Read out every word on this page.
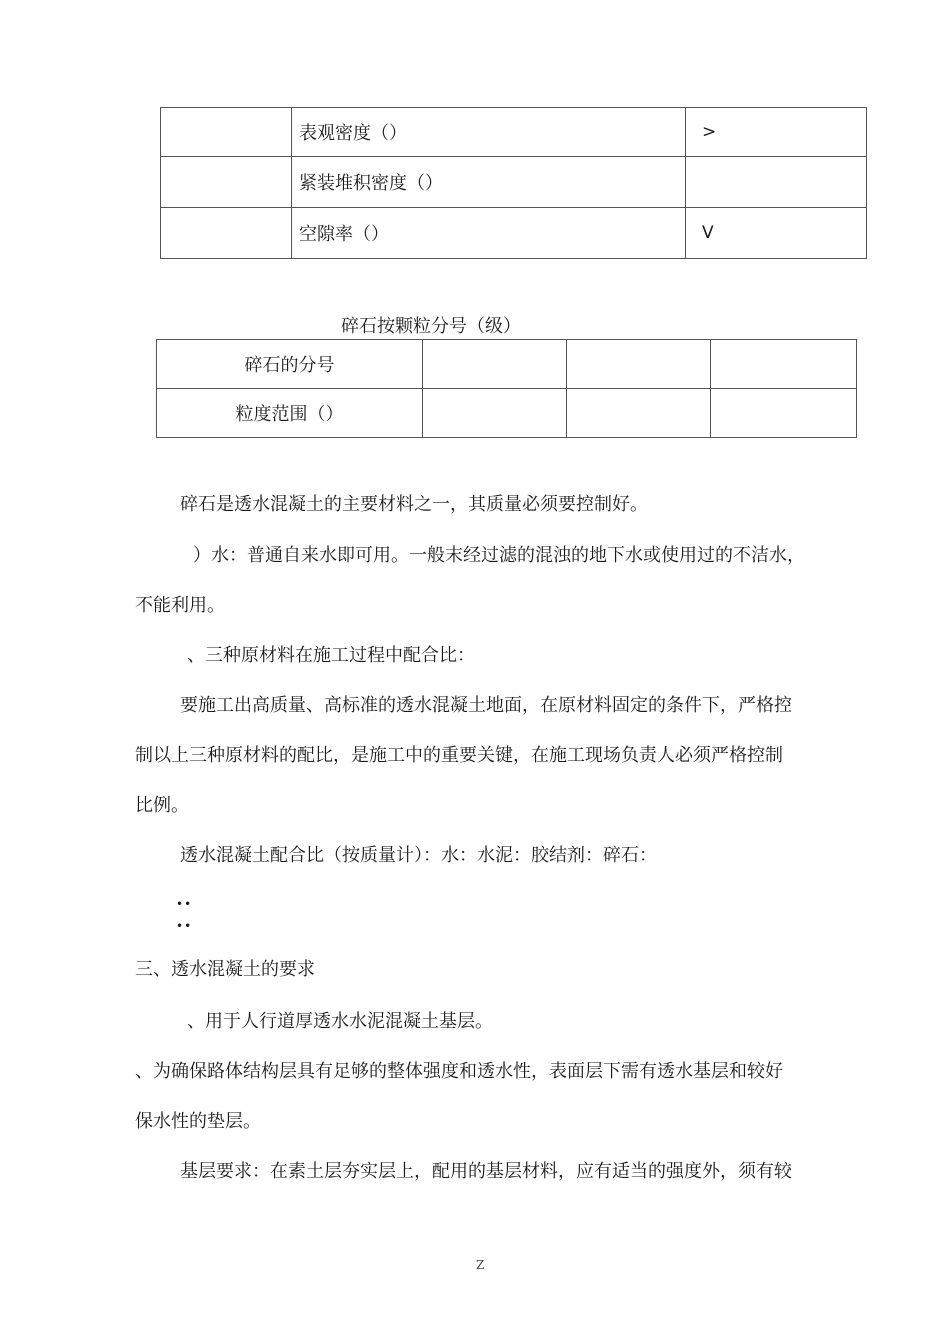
	表观密度（）	>
	紧装堆积密度（）	
	空隙率（）	V
碎石按颗粒分号（级）
碎石的分号			
粒度范围（）			
碎石是透水混凝土的主要材料之一，其质量必须要控制好。
）水：普通自来水即可用。一般末经过滤的混浊的地下水或使用过的不洁水，
不能利用。
、三种原材料在施工过程中配合比：
要施工出高质量、高标准的透水混凝土地面，在原材料固定的条件下，严格控
制以上三种原材料的配比，是施工中的重要关键，在施工现场负责人必须严格控制
比例。
透水混凝土配合比（按质量计）：水：水泥：胶结剂：碎石：
••
••
三、透水混凝土的要求
、用于人行道厚透水水泥混凝土基层。
、为确保路体结构层具有足够的整体强度和透水性，表面层下需有透水基层和较好
保水性的垫层。
基层要求：在素土层夯实层上，配用的基层材料，应有适当的强度外，须有较
Z
